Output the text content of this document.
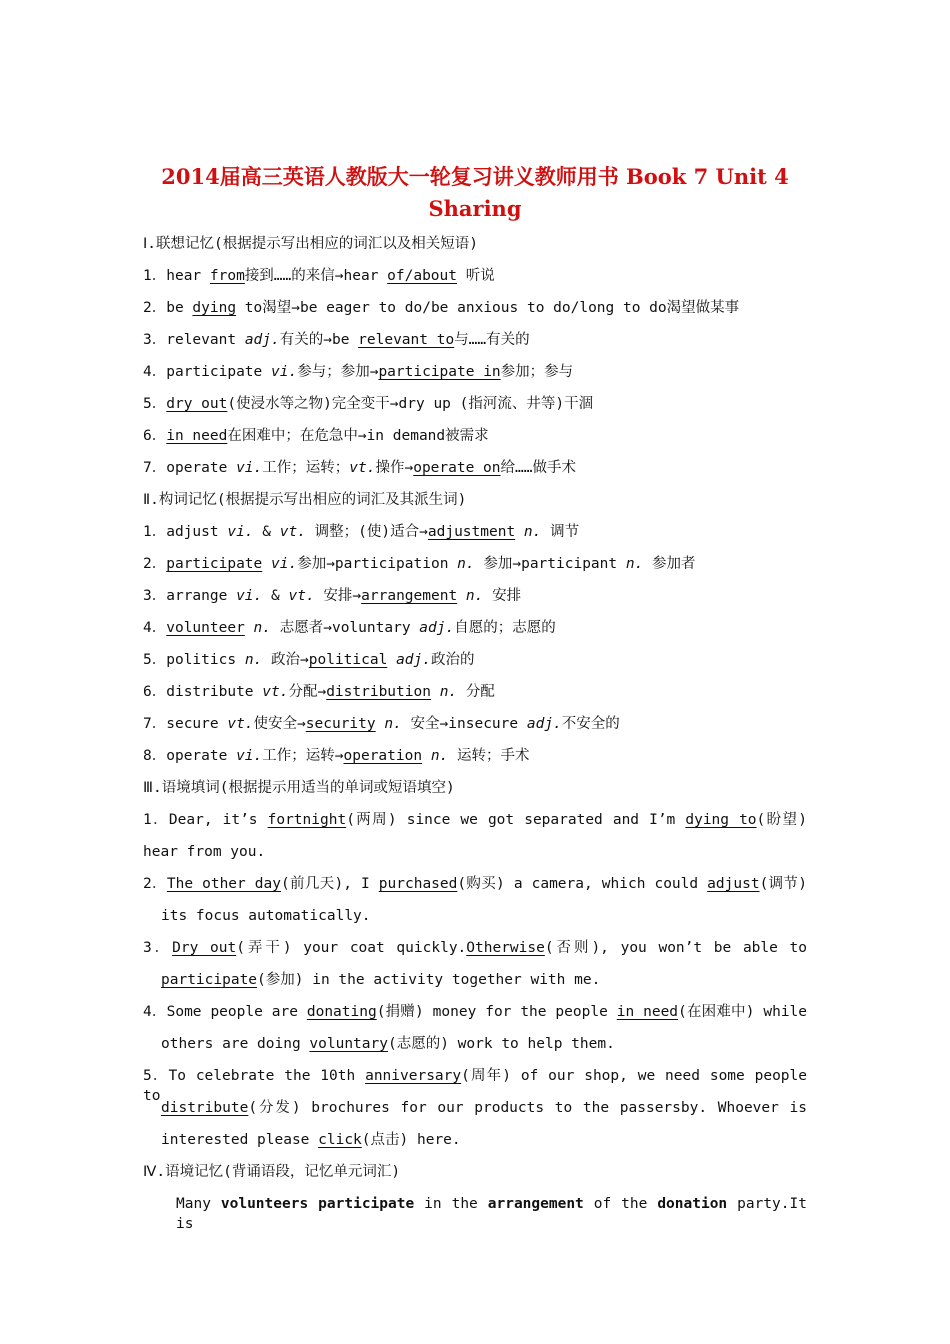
2014届高三英语人教版大一轮复习讲义教师用书 Book 7 Unit 4
Sharing
Ⅰ.联想记忆(根据提示写出相应的词汇以及相关短语)
1．hear from接到……的来信→hear of/about 听说
2．be dying to渴望→be eager to do/be anxious to do/long to do渴望做某事
3．relevant adj.有关的→be relevant to与……有关的
4．participate vi.参与；参加→participate in参加；参与
5．dry out(使浸水等之物)完全变干→dry up (指河流、井等)干涸
6．in need在困难中；在危急中→in demand被需求
7．operate vi.工作；运转；vt.操作→operate on给……做手术
Ⅱ.构词记忆(根据提示写出相应的词汇及其派生词)
1．adjust vi. & vt. 调整；(使)适合→adjustment n. 调节
2．participate vi.参加→participation n. 参加→participant n. 参加者
3．arrange vi. & vt. 安排→arrangement n. 安排
4．volunteer n. 志愿者→voluntary adj.自愿的；志愿的
5．politics n. 政治→political adj.政治的
6．distribute vt.分配→distribution n. 分配
7．secure vt.使安全→security n. 安全→insecure adj.不安全的
8．operate vi.工作；运转→operation n. 运转；手术
Ⅲ.语境填词(根据提示用适当的单词或短语填空)
1．Dear, it’s fortnight(两周) since we got separated and I’m dying to(盼望)
hear from you.
2．The other day(前几天), I purchased(购买) a camera, which could adjust(调节)
its focus automatically.
3．Dry out(弄干) your coat quickly.Otherwise(否则), you won’t be able to
participate(参加) in the activity together with me.
4．Some people are donating(捐赠) money for the people in need(在困难中) while
others are doing voluntary(志愿的) work to help them.
5．To celebrate the 10th anniversary(周年) of our shop, we need some people to
distribute(分发) brochures for our products to the passersby. Whoever is
interested please click(点击) here.
Ⅳ.语境记忆(背诵语段，记忆单元词汇)
Many volunteers participate in the arrangement of the donation party.It is
